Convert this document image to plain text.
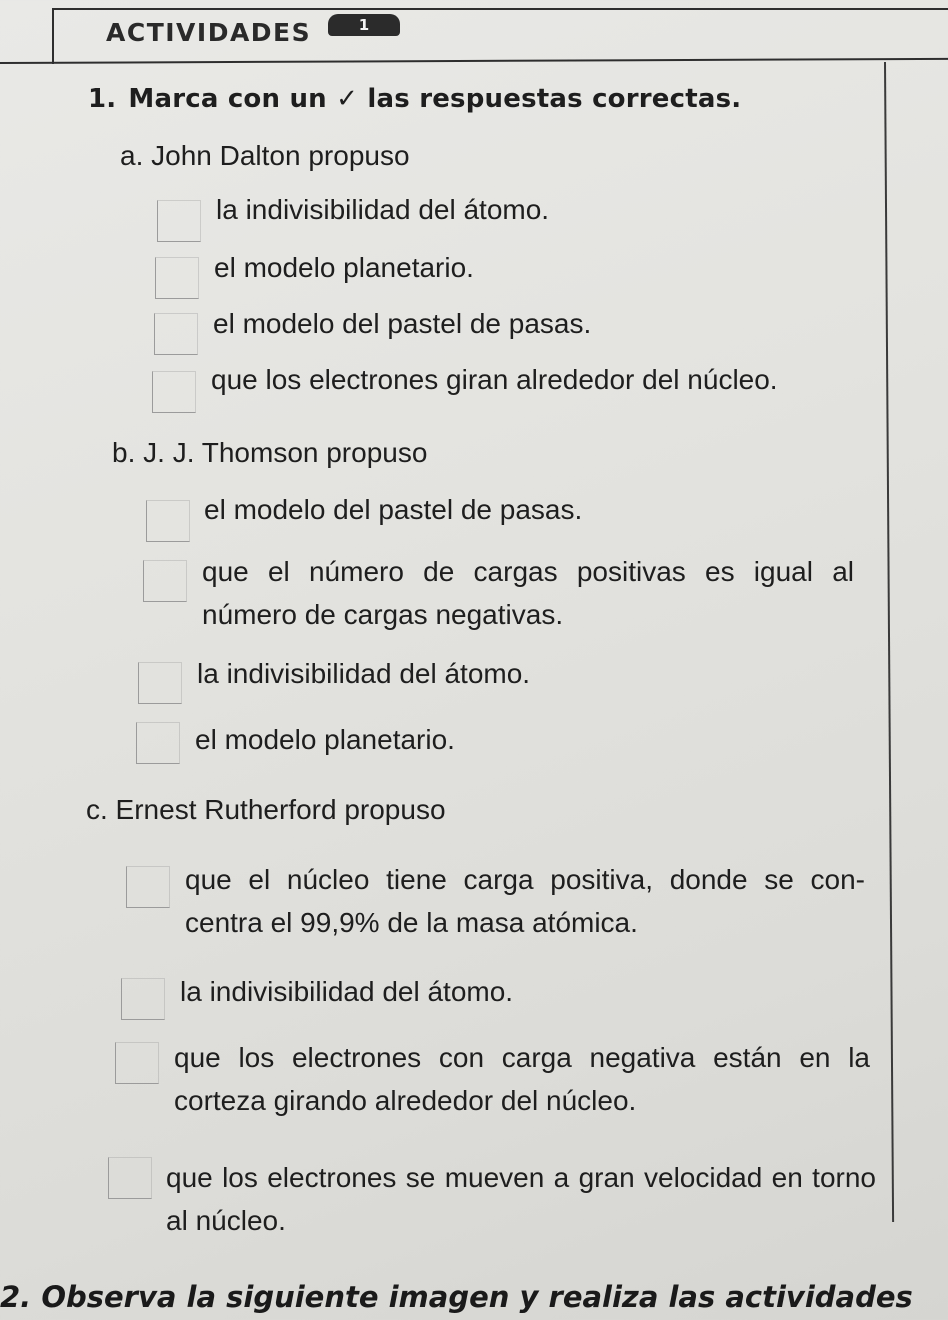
ACTIVIDADES	1
1. Marca con un ✓ las respuestas correctas.
a. John Dalton propuso
la indivisibilidad del átomo.
el modelo planetario.
el modelo del pastel de pasas.
que los electrones giran alrededor del núcleo.
b. J. J. Thomson propuso
el modelo del pastel de pasas.
que el número de cargas positivas es igual al número de cargas negativas.
la indivisibilidad del átomo.
el modelo planetario.
c. Ernest Rutherford propuso
que el núcleo tiene carga positiva, donde se con- centra el 99,9% de la masa atómica.
la indivisibilidad del átomo.
que los electrones con carga negativa están en la corteza girando alrededor del núcleo.
que los electrones se mueven a gran velocidad en torno al núcleo.
2. Observa la siguiente imagen y realiza las actividades
